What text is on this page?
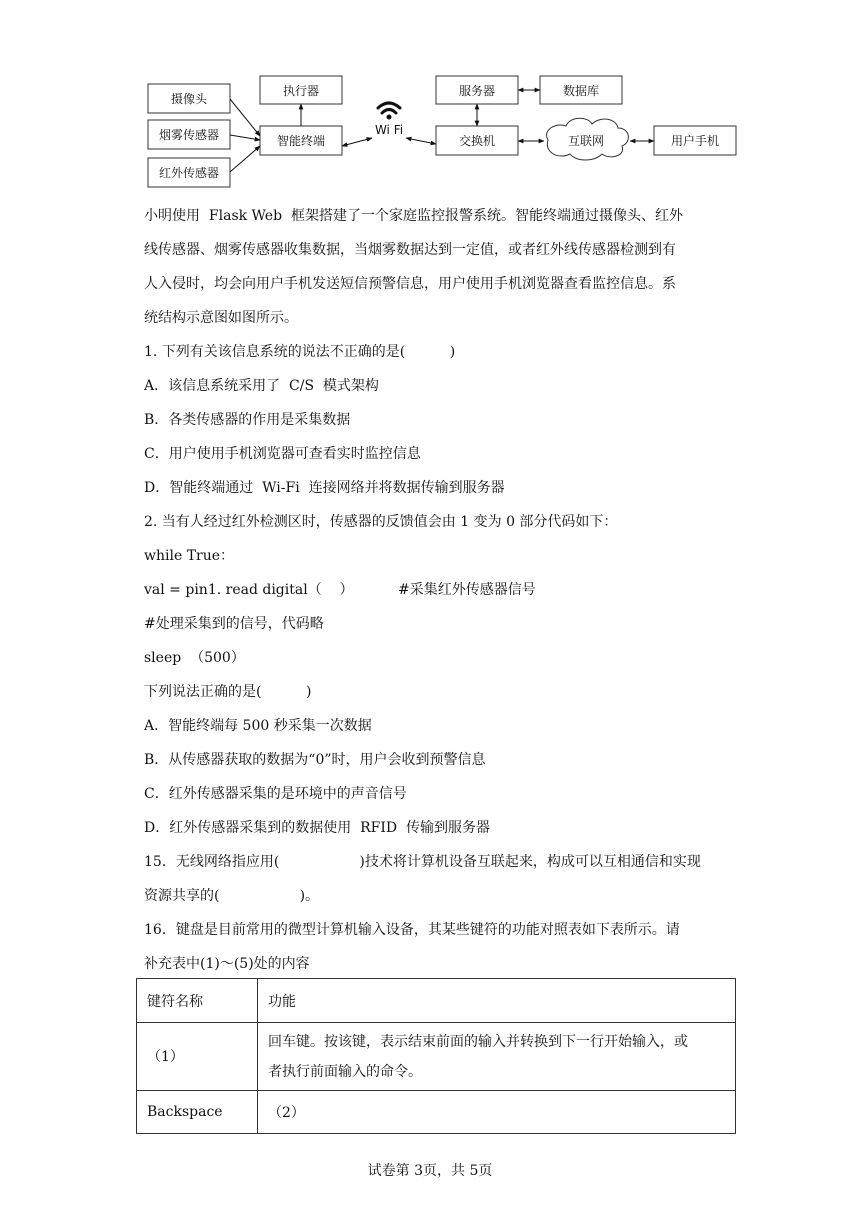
摄像头
烟雾传感器
红外传感器
执行器
智能终端
Wi Fi
服务器	数据库
交换机	互联网	用户手机
小明使用  Flask Web  框架搭建了一个家庭监控报警系统。智能终端通过摄像头、红外
线传感器、烟雾传感器收集数据，当烟雾数据达到一定值，或者红外线传感器检测到有
人入侵时，均会向用户手机发送短信预警信息，用户使用手机浏览器查看监控信息。系
统结构示意图如图所示。
1. 下列有关该信息系统的说法不正确的是(          )
A．该信息系统采用了  C/S  模式架构
B．各类传感器的作用是采集数据
C．用户使用手机浏览器可查看实时监控信息
D．智能终端通过  Wi-Fi  连接网络并将数据传输到服务器
2. 当有人经过红外检测区时，传感器的反馈值会由 1 变为 0 部分代码如下：
while True：
val = pin1. read digital（    ）          #采集红外传感器信号
#处理采集到的信号，代码略
sleep  （500）
下列说法正确的是(          )
A．智能终端每 500 秒采集一次数据
B．从传感器获取的数据为“0”时，用户会收到预警信息
C．红外传感器采集的是环境中的声音信号
D．红外传感器采集到的数据使用  RFID  传输到服务器
15．无线网络指应用(                  )技术将计算机设备互联起来，构成可以互相通信和实现
资源共享的(                  )。
16．键盘是目前常用的微型计算机输入设备，其某些键符的功能对照表如下表所示。请
补充表中(1)～(5)处的内容
键符名称	功能
（1）	回车键。按该键，表示结束前面的输入并转换到下一行开始输入，或
者执行前面输入的命令。

Backspace	（2）
试卷第 3页，共 5页
